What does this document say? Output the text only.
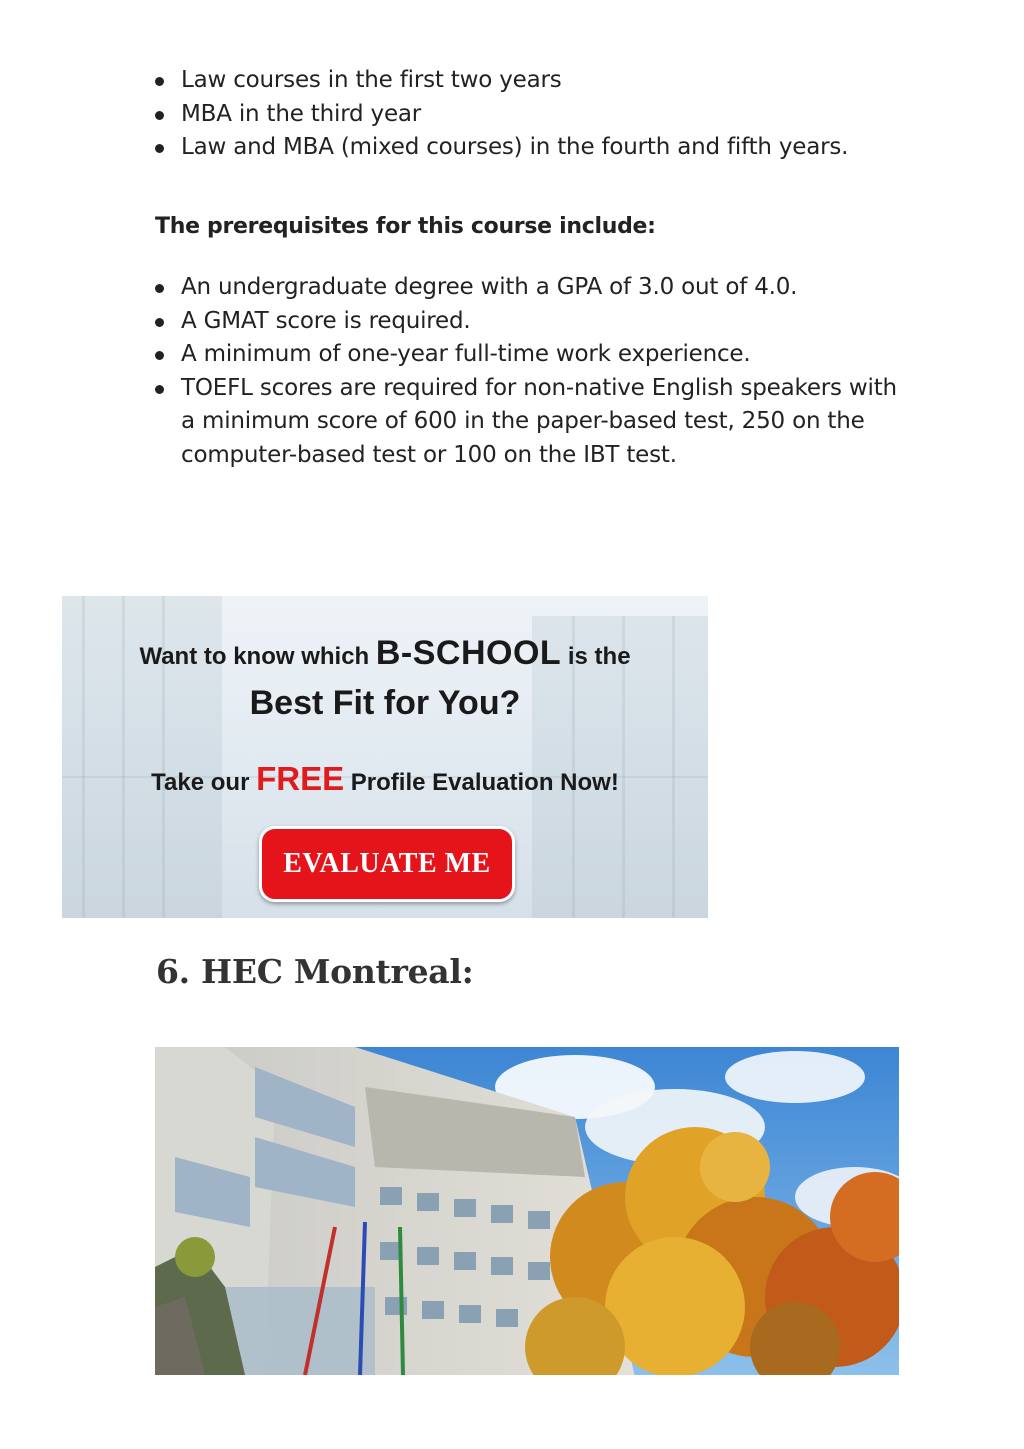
Law courses in the first two years
MBA in the third year
Law and MBA (mixed courses) in the fourth and fifth years.

The prerequisites for this course include:

An undergraduate degree with a GPA of 3.0 out of 4.0.
A GMAT score is required.
A minimum of one-year full-time work experience.
TOEFL scores are required for non-native English speakers with a minimum score of 600 in the paper-based test, 250 on the computer-based test or 100 on the IBT test.
Want to know which B-SCHOOL is the
Best Fit for You?
Take our FREE Profile Evaluation Now!
EVALUATE ME
6. HEC Montreal:
